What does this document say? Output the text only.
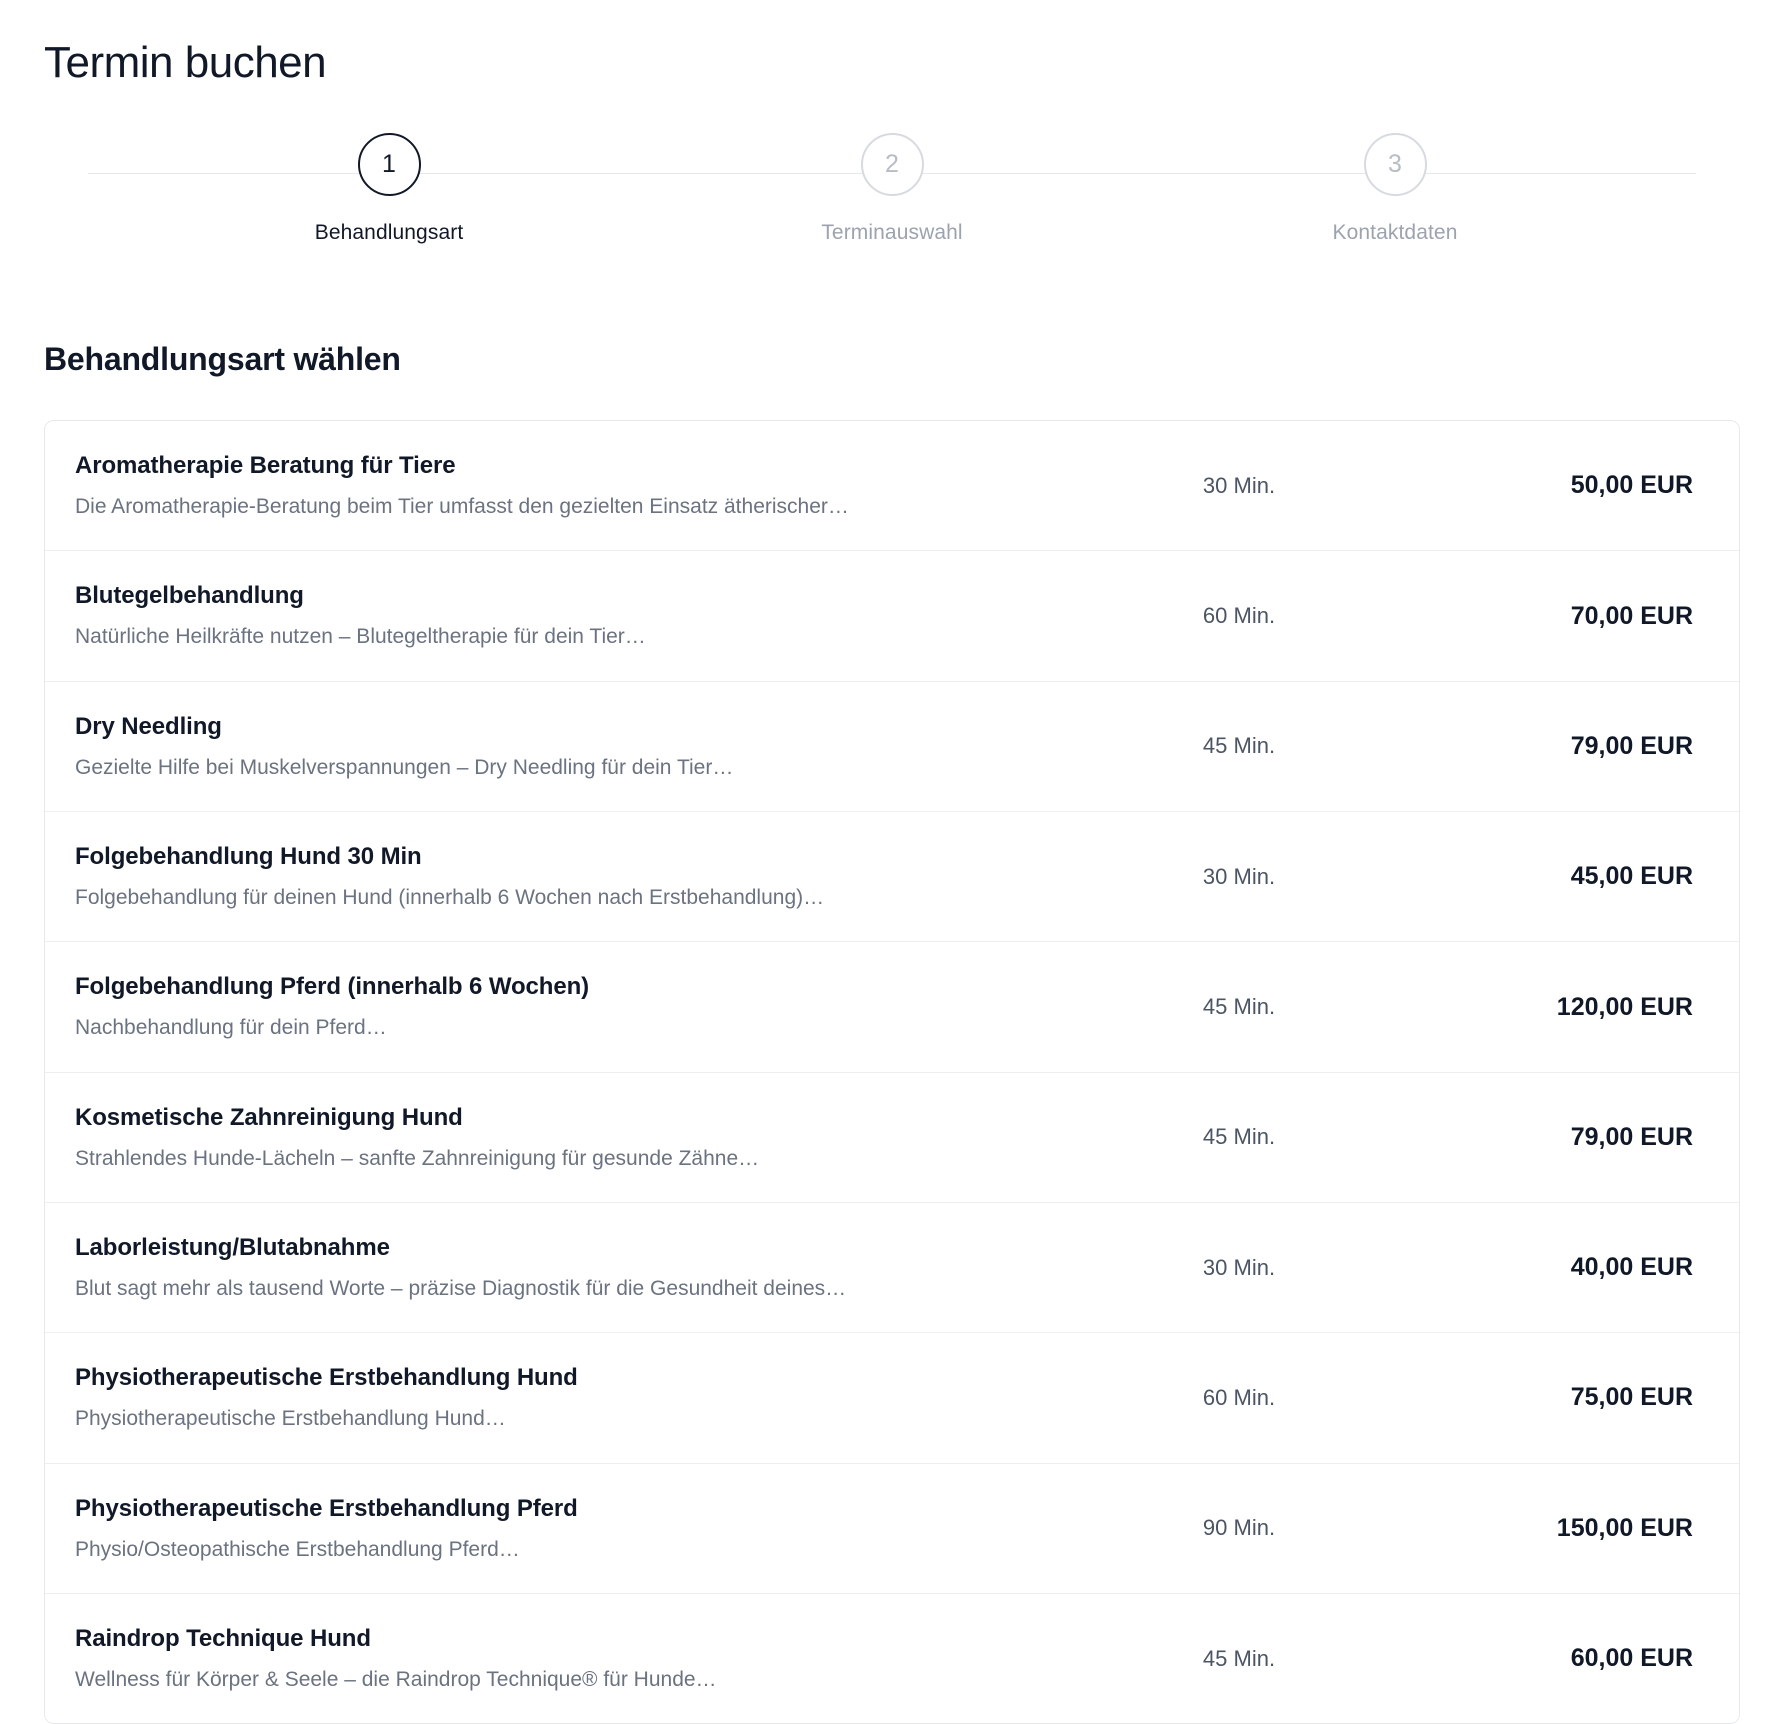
Termin buchen
1
Behandlungsart
2
Terminauswahl
3
Kontaktdaten
Behandlungsart wählen
Aromatherapie Beratung für Tiere
Die Aromatherapie-Beratung beim Tier umfasst den gezielten Einsatz ätherischer…
30 Min.	50,00 EUR
Blutegelbehandlung
Natürliche Heilkräfte nutzen – Blutegeltherapie für dein Tier…
60 Min.	70,00 EUR
Dry Needling
Gezielte Hilfe bei Muskelverspannungen – Dry Needling für dein Tier…
45 Min.	79,00 EUR
Folgebehandlung Hund 30 Min
Folgebehandlung für deinen Hund (innerhalb 6 Wochen nach Erstbehandlung)…
30 Min.	45,00 EUR
Folgebehandlung Pferd (innerhalb 6 Wochen)
Nachbehandlung für dein Pferd…
45 Min.	120,00 EUR
Kosmetische Zahnreinigung Hund
Strahlendes Hunde-Lächeln – sanfte Zahnreinigung für gesunde Zähne…
45 Min.	79,00 EUR
Laborleistung/Blutabnahme
Blut sagt mehr als tausend Worte – präzise Diagnostik für die Gesundheit deines…
30 Min.	40,00 EUR
Physiotherapeutische Erstbehandlung Hund
Physiotherapeutische Erstbehandlung Hund…
60 Min.	75,00 EUR
Physiotherapeutische Erstbehandlung Pferd
Physio/Osteopathische Erstbehandlung Pferd…
90 Min.	150,00 EUR
Raindrop Technique Hund
Wellness für Körper & Seele – die Raindrop Technique® für Hunde…
45 Min.	60,00 EUR
